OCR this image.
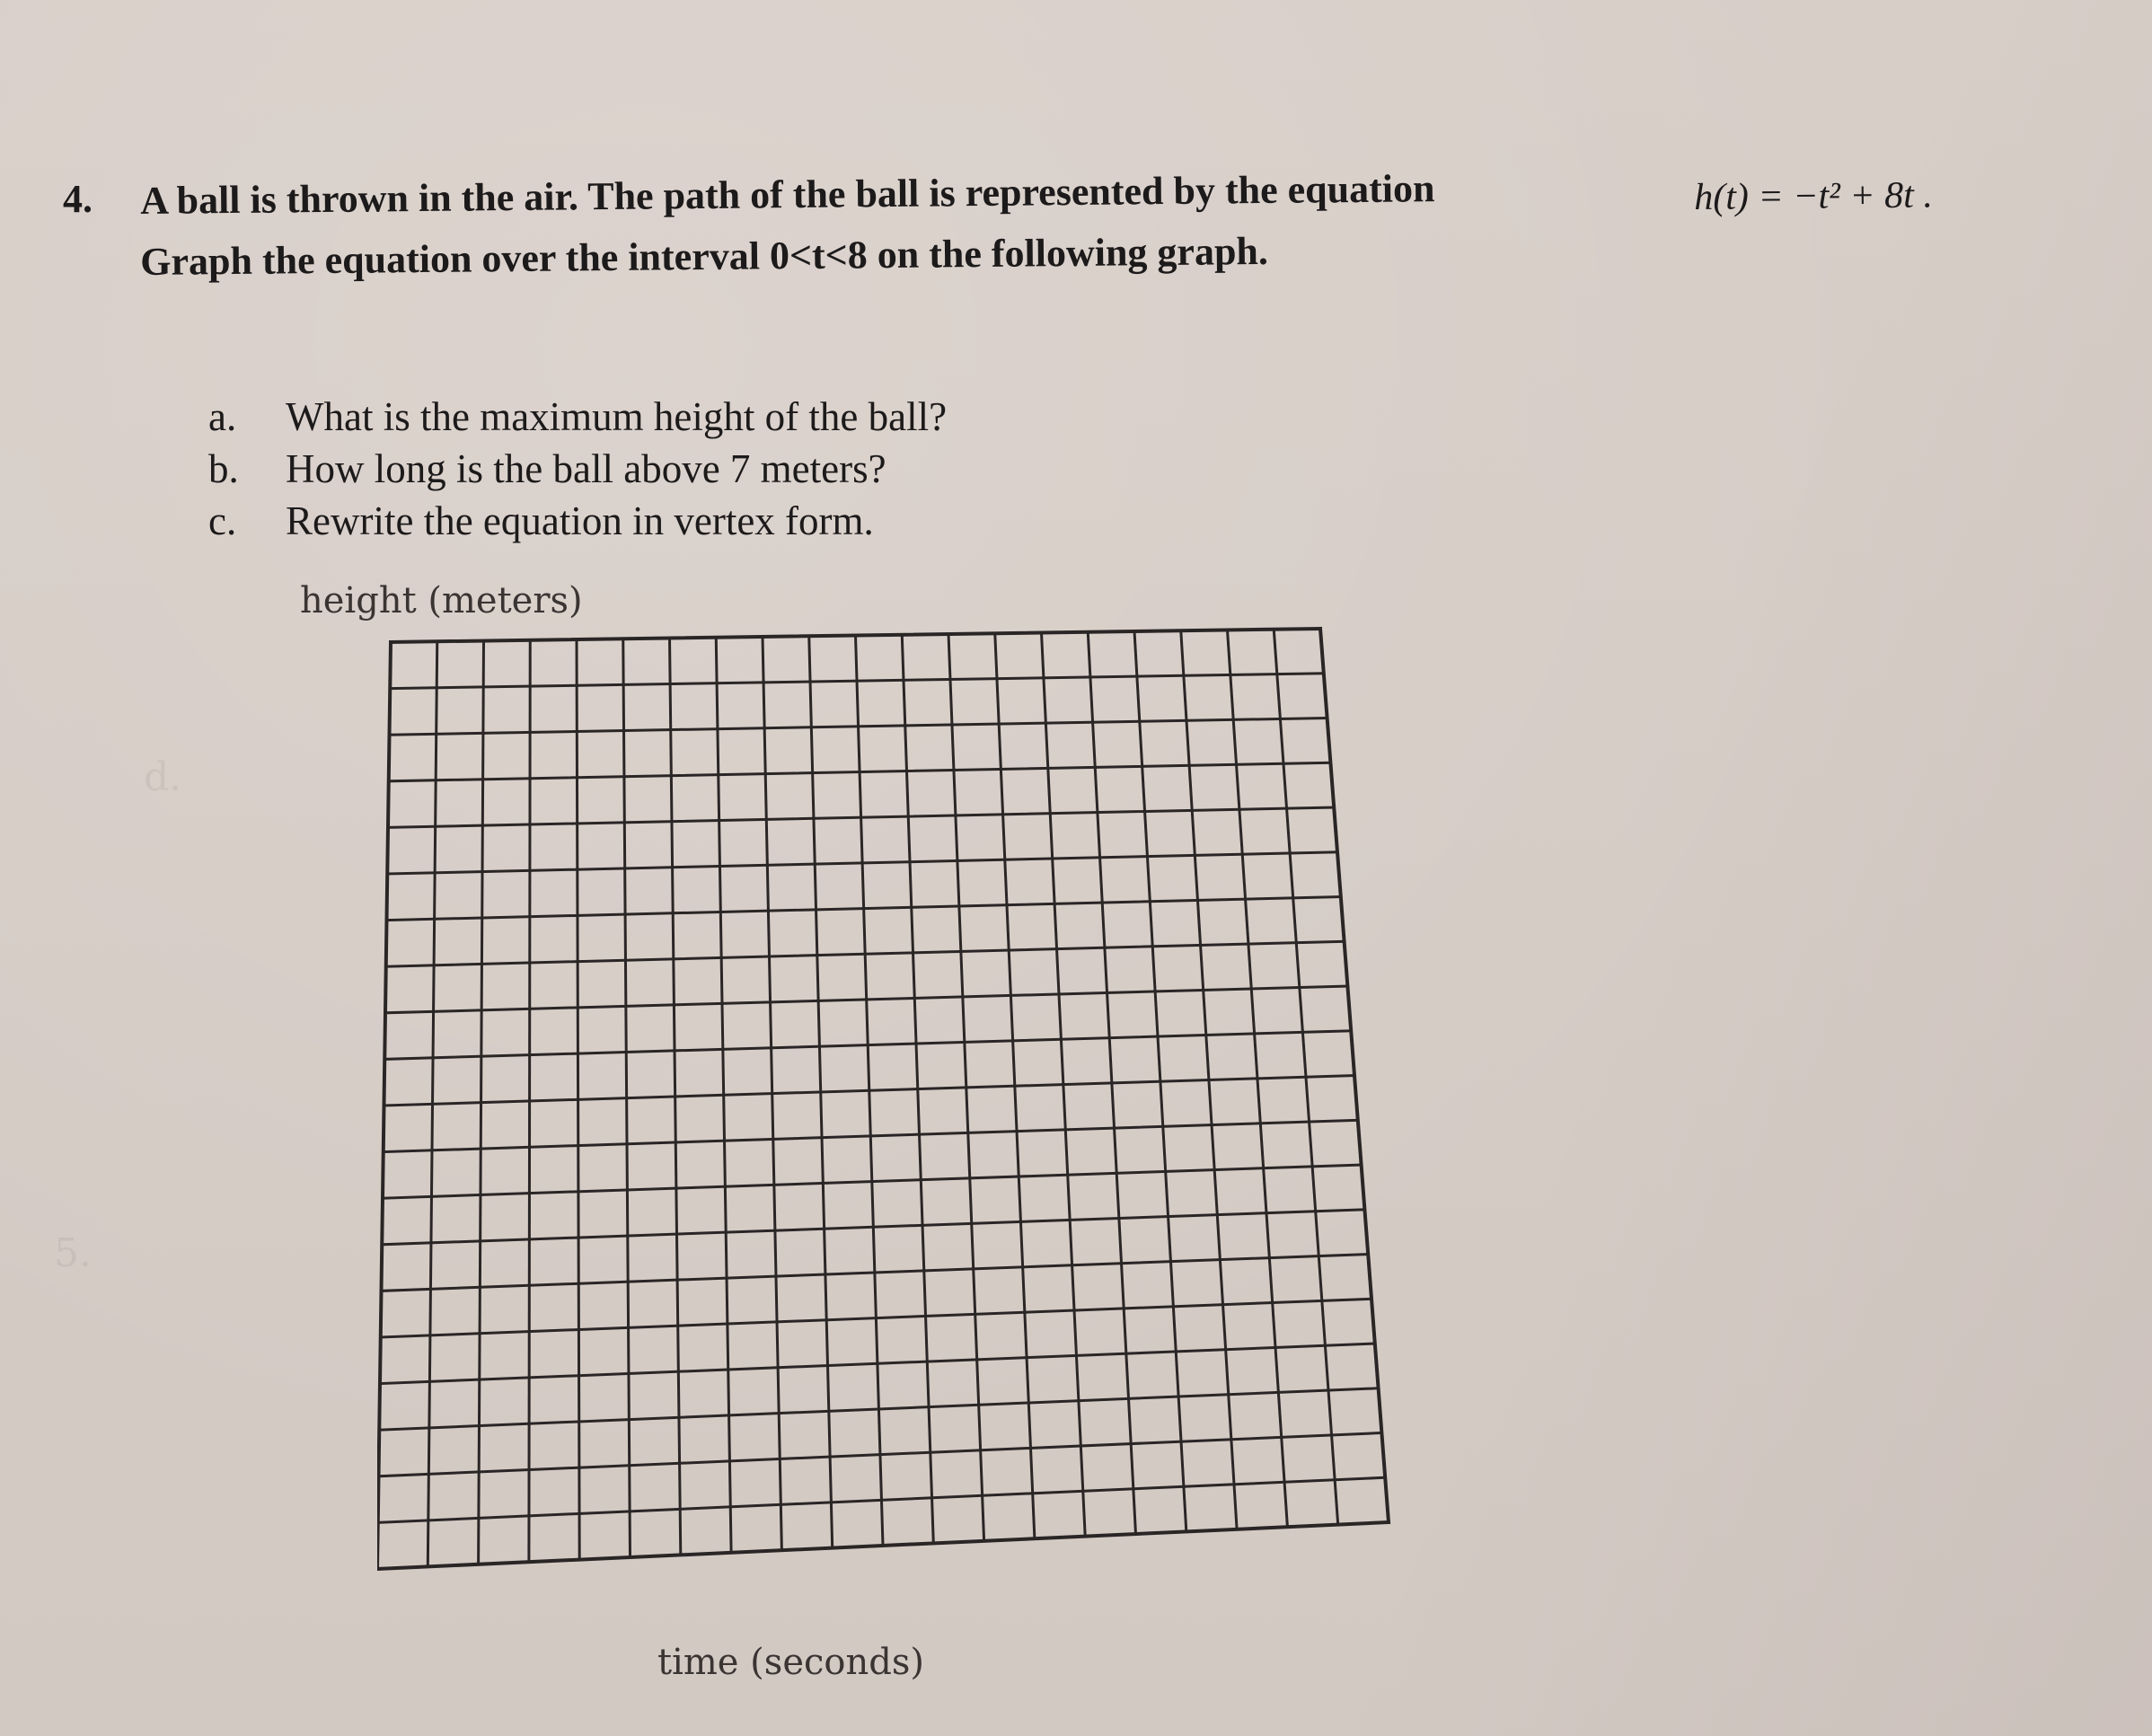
4. A ball is thrown in the air. The path of the ball is represented by the equation	h(t) = −t² + 8t .
Graph the equation over the interval 0<t<8 on the following graph.
a. What is the maximum height of the ball?
b. How long is the ball above 7 meters?
c. Rewrite the equation in vertex form.
height (meters)
time (seconds)
d.
5.
